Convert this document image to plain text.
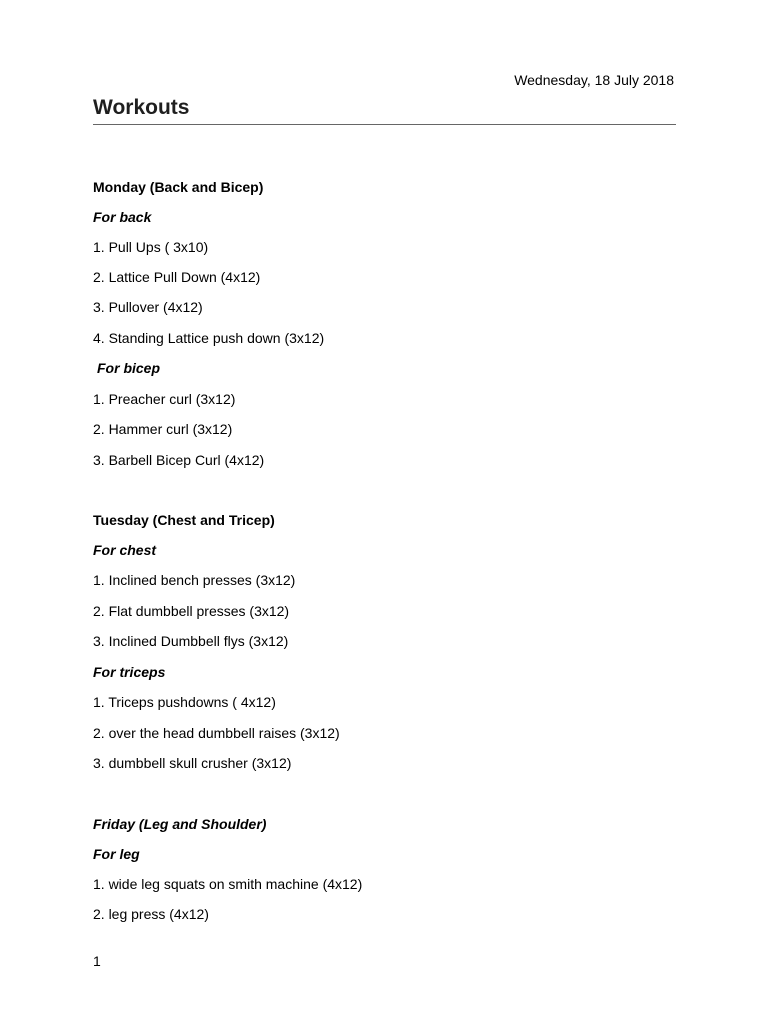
Wednesday, 18 July 2018
Workouts
Monday (Back and Bicep)
For back
1. Pull Ups ( 3x10)
2. Lattice Pull Down (4x12)
3. Pullover (4x12)
4. Standing Lattice push down (3x12)
For bicep
1. Preacher curl (3x12)
2. Hammer curl (3x12)
3. Barbell Bicep Curl (4x12)
Tuesday (Chest and Tricep)
For chest
1. Inclined bench presses (3x12)
2. Flat dumbbell presses (3x12)
3. Inclined Dumbbell flys (3x12)
For triceps
1. Triceps pushdowns ( 4x12)
2. over the head dumbbell raises (3x12)
3. dumbbell skull crusher (3x12)
Friday (Leg and Shoulder)
For leg
1. wide leg squats on smith machine (4x12)
2. leg press (4x12)
1
